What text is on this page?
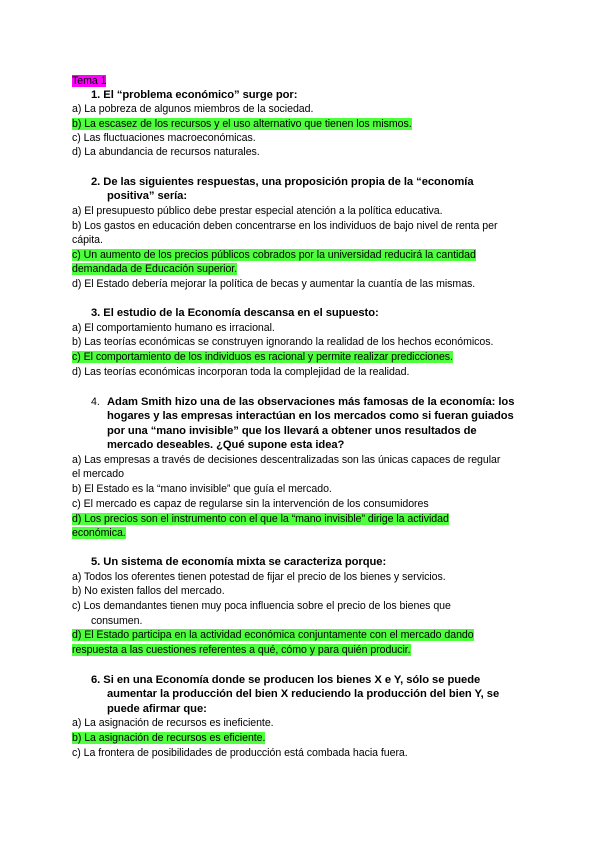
Tema 1
1. El “problema económico” surge por:
a) La pobreza de algunos miembros de la sociedad.
b) La escasez de los recursos y el uso alternativo que tienen los mismos.
c) Las fluctuaciones macroeconómicas.
d) La abundancia de recursos naturales.
2. De las siguientes respuestas, una proposición propia de la “economía
positiva” sería:
a) El presupuesto público debe prestar especial atención a la política educativa.
b) Los gastos en educación deben concentrarse en los individuos de bajo nivel de renta per
cápita.
c) Un aumento de los precios públicos cobrados por la universidad reducirá la cantidad
demandada de Educación superior.
d) El Estado debería mejorar la política de becas y aumentar la cuantía de las mismas.
3. El estudio de la Economía descansa en el supuesto:
a) El comportamiento humano es irracional.
b) Las teorías económicas se construyen ignorando la realidad de los hechos económicos.
c) El comportamiento de los individuos es racional y permite realizar predicciones.
d) Las teorías económicas incorporan toda la complejidad de la realidad.
4. Adam Smith hizo una de las observaciones más famosas de la economía: los
hogares y las empresas interactúan en los mercados como si fueran guiados
por una “mano invisible” que los llevará a obtener unos resultados de
mercado deseables. ¿Qué supone esta idea?
a) Las empresas a través de decisiones descentralizadas son las únicas capaces de regular
el mercado
b) El Estado es la “mano invisible” que guía el mercado.
c) El mercado es capaz de regularse sin la intervención de los consumidores
d) Los precios son el instrumento con el que la “mano invisible” dirige la actividad
económica.
5. Un sistema de economía mixta se caracteriza porque:
a) Todos los oferentes tienen potestad de fijar el precio de los bienes y servicios.
b) No existen fallos del mercado.
c) Los demandantes tienen muy poca influencia sobre el precio de los bienes que
consumen.
d) El Estado participa en la actividad económica conjuntamente con el mercado dando
respuesta a las cuestiones referentes a qué, cómo y para quién producir.
6. Si en una Economía donde se producen los bienes X e Y, sólo se puede
aumentar la producción del bien X reduciendo la producción del bien Y, se
puede afirmar que:
a) La asignación de recursos es ineficiente.
b) La asignación de recursos es eficiente.
c) La frontera de posibilidades de producción está combada hacia fuera.
